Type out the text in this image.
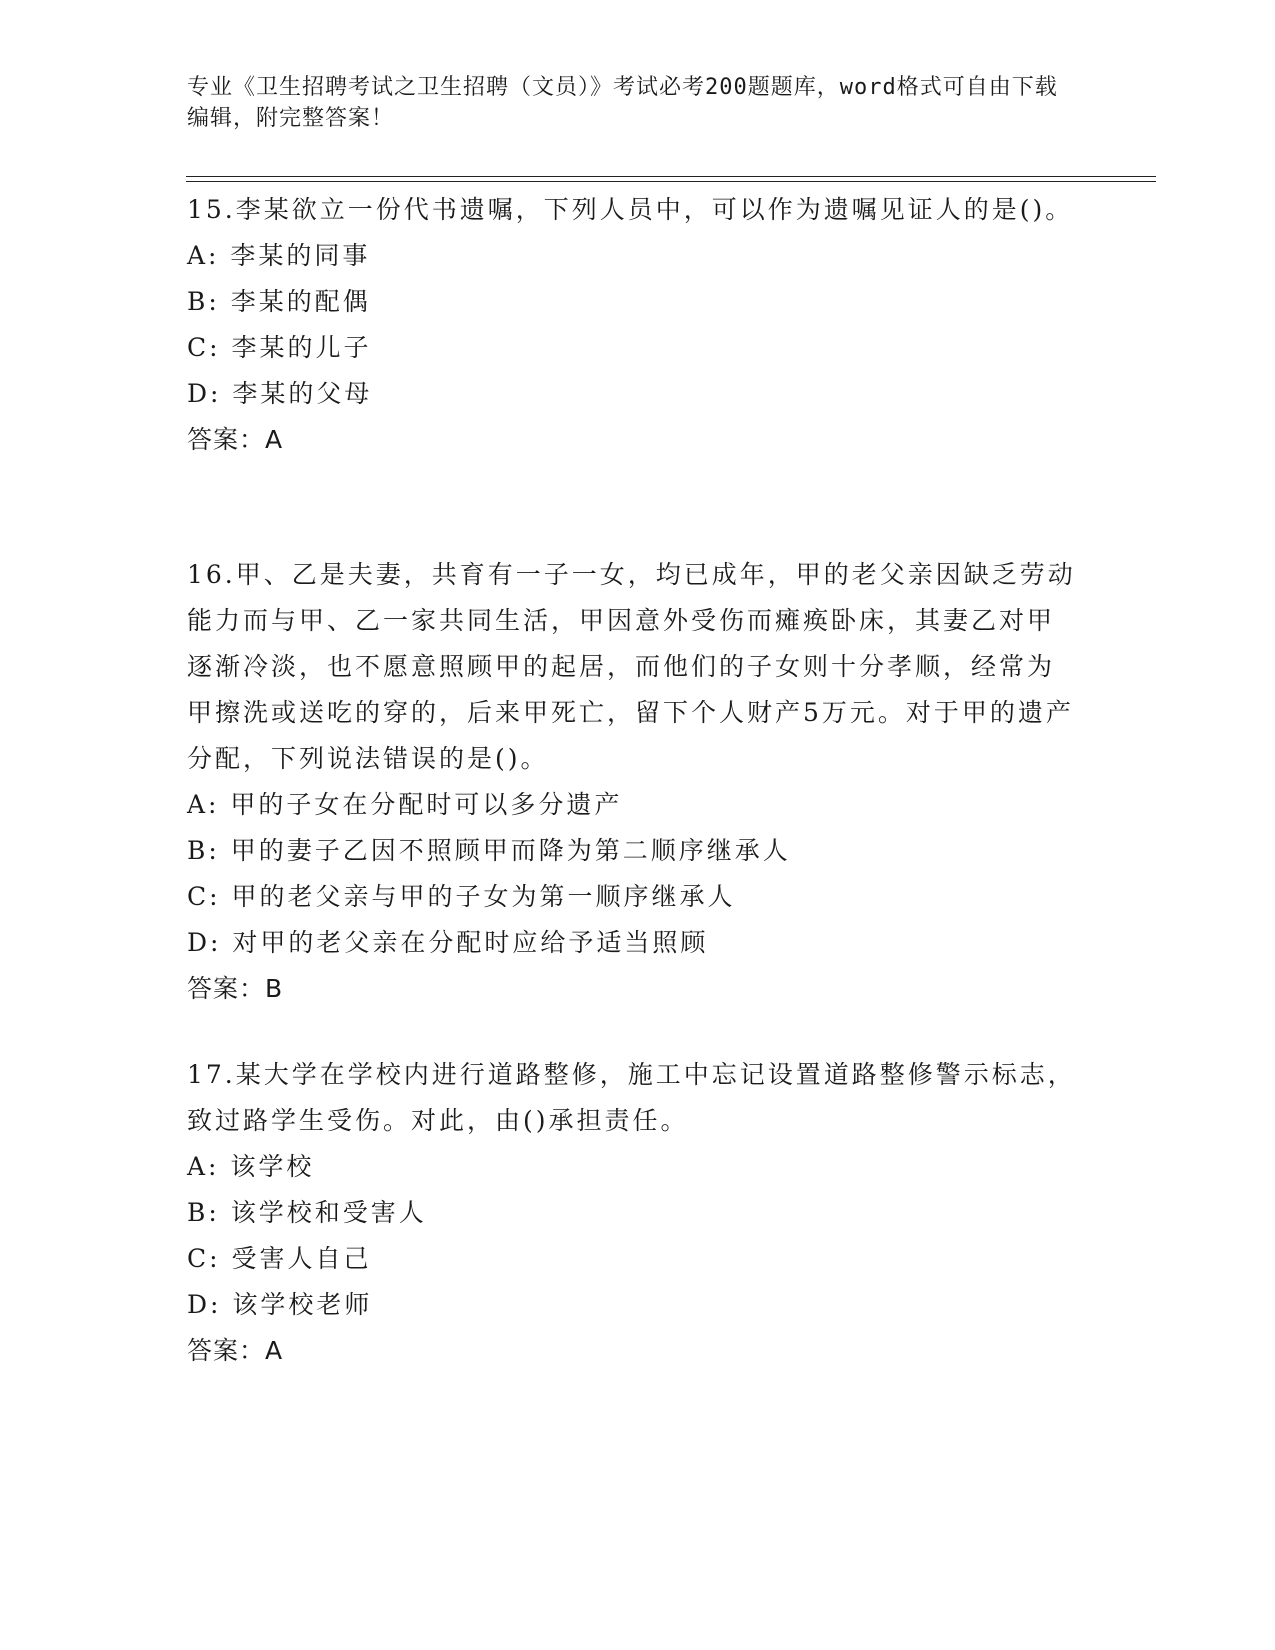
专业《卫生招聘考试之卫生招聘（文员）》考试必考200题题库，word格式可自由下载编辑，附完整答案！
15.李某欲立一份代书遗嘱，下列人员中，可以作为遗嘱见证人的是()。
A: 李某的同事
B: 李某的配偶
C: 李某的儿子
D: 李某的父母
答案：A
16.甲、乙是夫妻，共育有一子一女，均已成年，甲的老父亲因缺乏劳动能力而与甲、乙一家共同生活，甲因意外受伤而瘫痪卧床，其妻乙对甲逐渐冷淡，也不愿意照顾甲的起居，而他们的子女则十分孝顺，经常为甲擦洗或送吃的穿的，后来甲死亡，留下个人财产5万元。对于甲的遗产分配，下列说法错误的是()。
A: 甲的子女在分配时可以多分遗产
B: 甲的妻子乙因不照顾甲而降为第二顺序继承人
C: 甲的老父亲与甲的子女为第一顺序继承人
D: 对甲的老父亲在分配时应给予适当照顾
答案：B
17.某大学在学校内进行道路整修，施工中忘记设置道路整修警示标志，致过路学生受伤。对此，由()承担责任。
A: 该学校
B: 该学校和受害人
C: 受害人自己
D: 该学校老师
答案：A
